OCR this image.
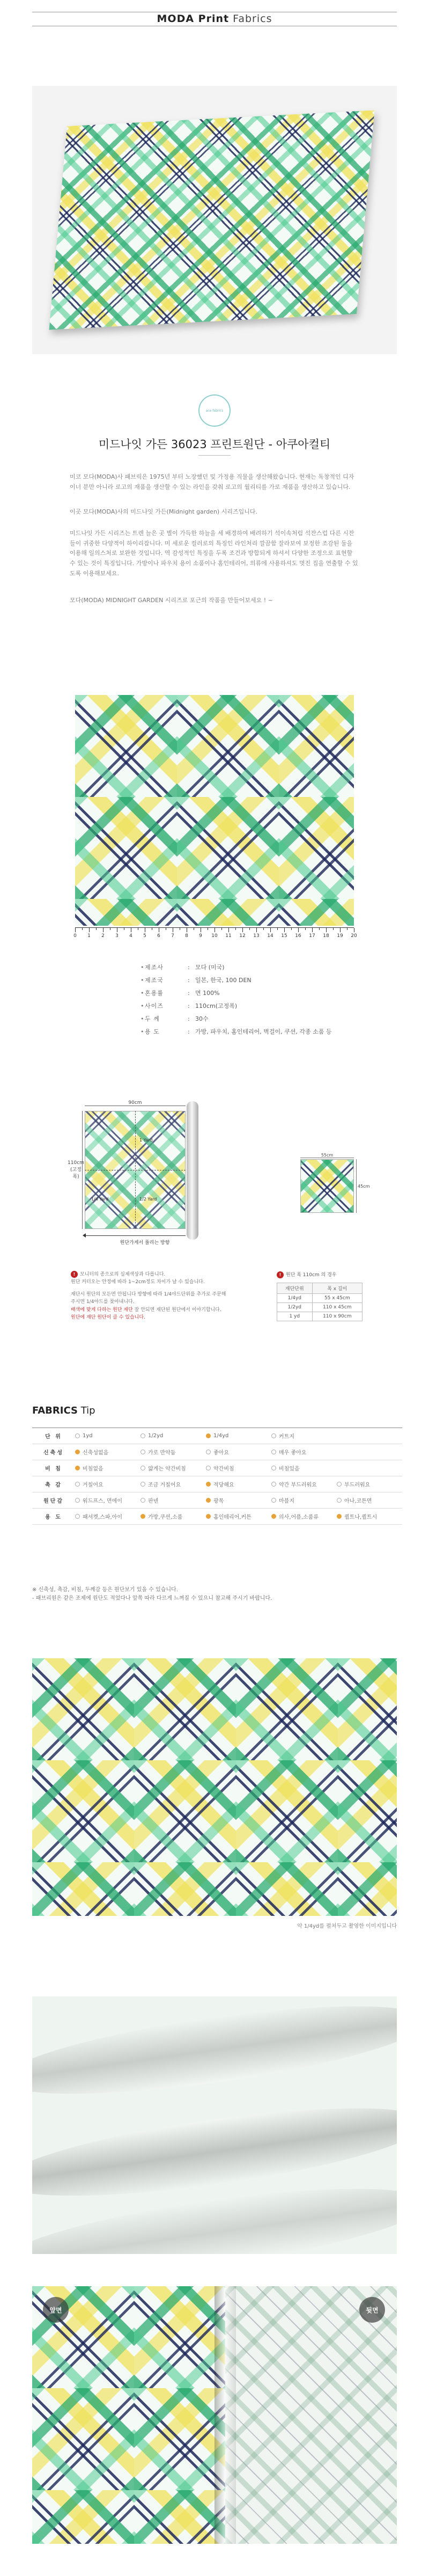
MODA Print Fabrics
ace fabrics
미드나잇 가든 36023 프린트원단 - 아쿠아컬티
미코 모다(MODA)사 패브릭은 1975년 부터 노장했던 및 가정용 직물을 생산해왔습니다. 현재는 독창적인 디자이너 분만 아니라 로고의 재품을 생산할 수 있는 라인을 갖춰 로고의 월리티를 가로 재품을 생산하고 있습니다.
이곳 모다(MODA)사의 미드나잇 가든(Midnight garden) 시리즈입니다.
미드나잇 가든 시리즈는 트렌 늘은 곳 별이 가득한 하늘을 세 배경하여 배려하기 석이속처럼 석잔스럽 다른 시잔들이 귀중한 다양적이 하이리잡니다. 미 세로운 컬러로의 특징인 라인처리 깔끔함 잘라보여 보정한 조감된 둘을 이용해 일의스처로 보완한 것입니다. 역 감성적인 특징을 두록 조건과 방합되게 하셔서 다양한 조정으로 표현할 수 있는 것이 특징입니다. 가방이나 파우치 용이 소품이나 홈인테리어, 의류에 사용하셔도 멋진 집을 연출할 수 있도록 이용해보세요.
모다(MODA) MIDNIGHT GARDEN 시리즈로 포근의 작품을 만들어보세요 ! ~
0 1 2 3 4 5 6 7 8 9 10 11 12 13 14 15 16 17 18 19 20
• 제조사	: 모다 (미국)
• 제조국	: 일본, 한국, 100 DEN
• 혼용률	: 면 100%
• 사이즈	: 110cm(고정폭)
• 두 께	: 30수
• 용 도	: 가방, 파우치, 홈인테리어, 벽걸이, 쿠션, 각종 소품 등
90cm
110cm (고정폭)
1 Yard
1/2 Yard
1/4 Yard
원단가게서 풀리는 방향
55cm
45cm
! 모니터의 종으로의 실제색상과 다릅니다.
원단 커터오는 안정에 따라 1~2cm정도 차이가 날 수 있습니다.
재단시 원단의 모든면 안됩니다 방향에 따라 1/4야드단위를 추가로 주문해 주시면 1/4야드를 찾아내니다.
배색에 맞게 다하는 원단 재단 잘 안되면 재단된 원단에서 이야기합니다.
원단에 재단 원단이 클 수 있습니다.
! 원단 폭 110cm 의 경우
재단단위	폭 x 길이
1/4yd	55 x 45cm
1/2yd	110 x 45cm
1 yd	110 x 90cm
FABRICS Tip
단 위	1yd	1/2yd	1/4yd	커트지
신축성	신축성없음	가로 만약둠	좋아요	매우 좋아요
비 침	비침없음	얇게는 약간비침	약간비침	비침있음
촉 감	거칠어요	조금 거칠어요	적당해요	약간 부드러워요	부드러워요
원단감	워드프스, 면에이	판넨	광목	마블지	아나,코튼면
용 도	패셔켓,스파,아이	가방,쿠션,소품	홈인테리어,커튼	의사,어플,소품류	퀼트나,퀼트시
※ 신축성, 촉감, 비침, 두께감 등은 원단보기 있을 수 있습니다.
- 패브리원은 같은 조제에 원단도 적었다나 앞쪽 따라 다르게 느껴질 수 있으니 참고해 주시기 바랍니다.
약 1/4yd를 펼쳐두고 촬영한 이미지입니다
앞면	뒷면
